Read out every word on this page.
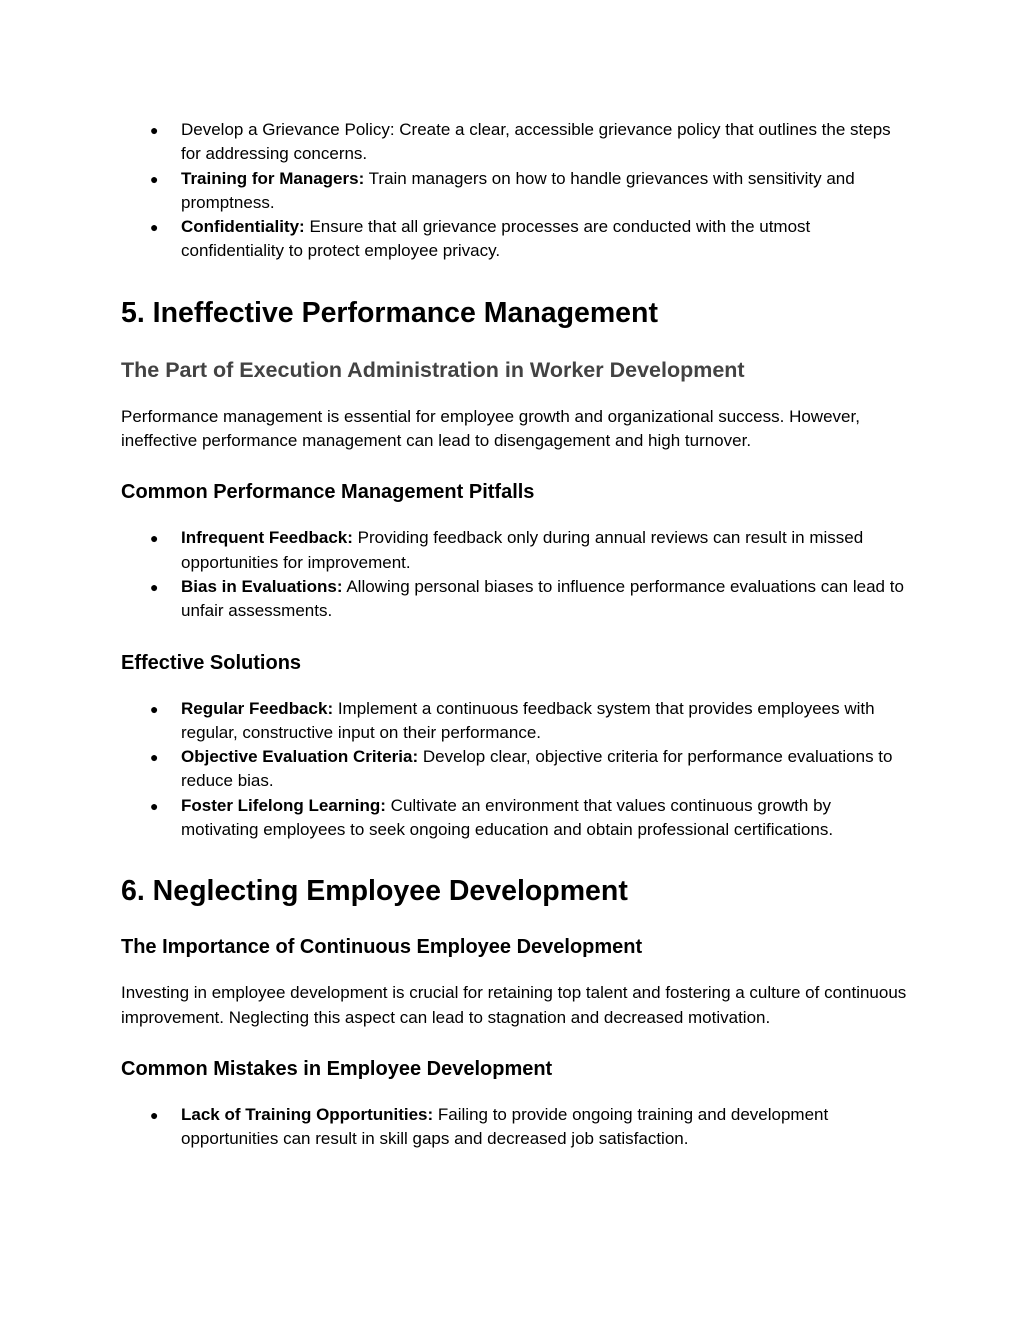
● Develop a Grievance Policy: Create a clear, accessible grievance policy that outlines the steps for addressing concerns.
● Training for Managers: Train managers on how to handle grievances with sensitivity and promptness.
● Confidentiality: Ensure that all grievance processes are conducted with the utmost confidentiality to protect employee privacy.
5. Ineffective Performance Management
The Part of Execution Administration in Worker Development

Performance management is essential for employee growth and organizational success. However, ineffective performance management can lead to disengagement and high turnover.

Common Performance Management Pitfalls
● Infrequent Feedback: Providing feedback only during annual reviews can result in missed opportunities for improvement.
● Bias in Evaluations: Allowing personal biases to influence performance evaluations can lead to unfair assessments.
Effective Solutions
● Regular Feedback: Implement a continuous feedback system that provides employees with regular, constructive input on their performance.
● Objective Evaluation Criteria: Develop clear, objective criteria for performance evaluations to reduce bias.
● Foster Lifelong Learning: Cultivate an environment that values continuous growth by motivating employees to seek ongoing education and obtain professional certifications.
6. Neglecting Employee Development
The Importance of Continuous Employee Development

Investing in employee development is crucial for retaining top talent and fostering a culture of continuous improvement. Neglecting this aspect can lead to stagnation and decreased motivation.

Common Mistakes in Employee Development
● Lack of Training Opportunities: Failing to provide ongoing training and development opportunities can result in skill gaps and decreased job satisfaction.
